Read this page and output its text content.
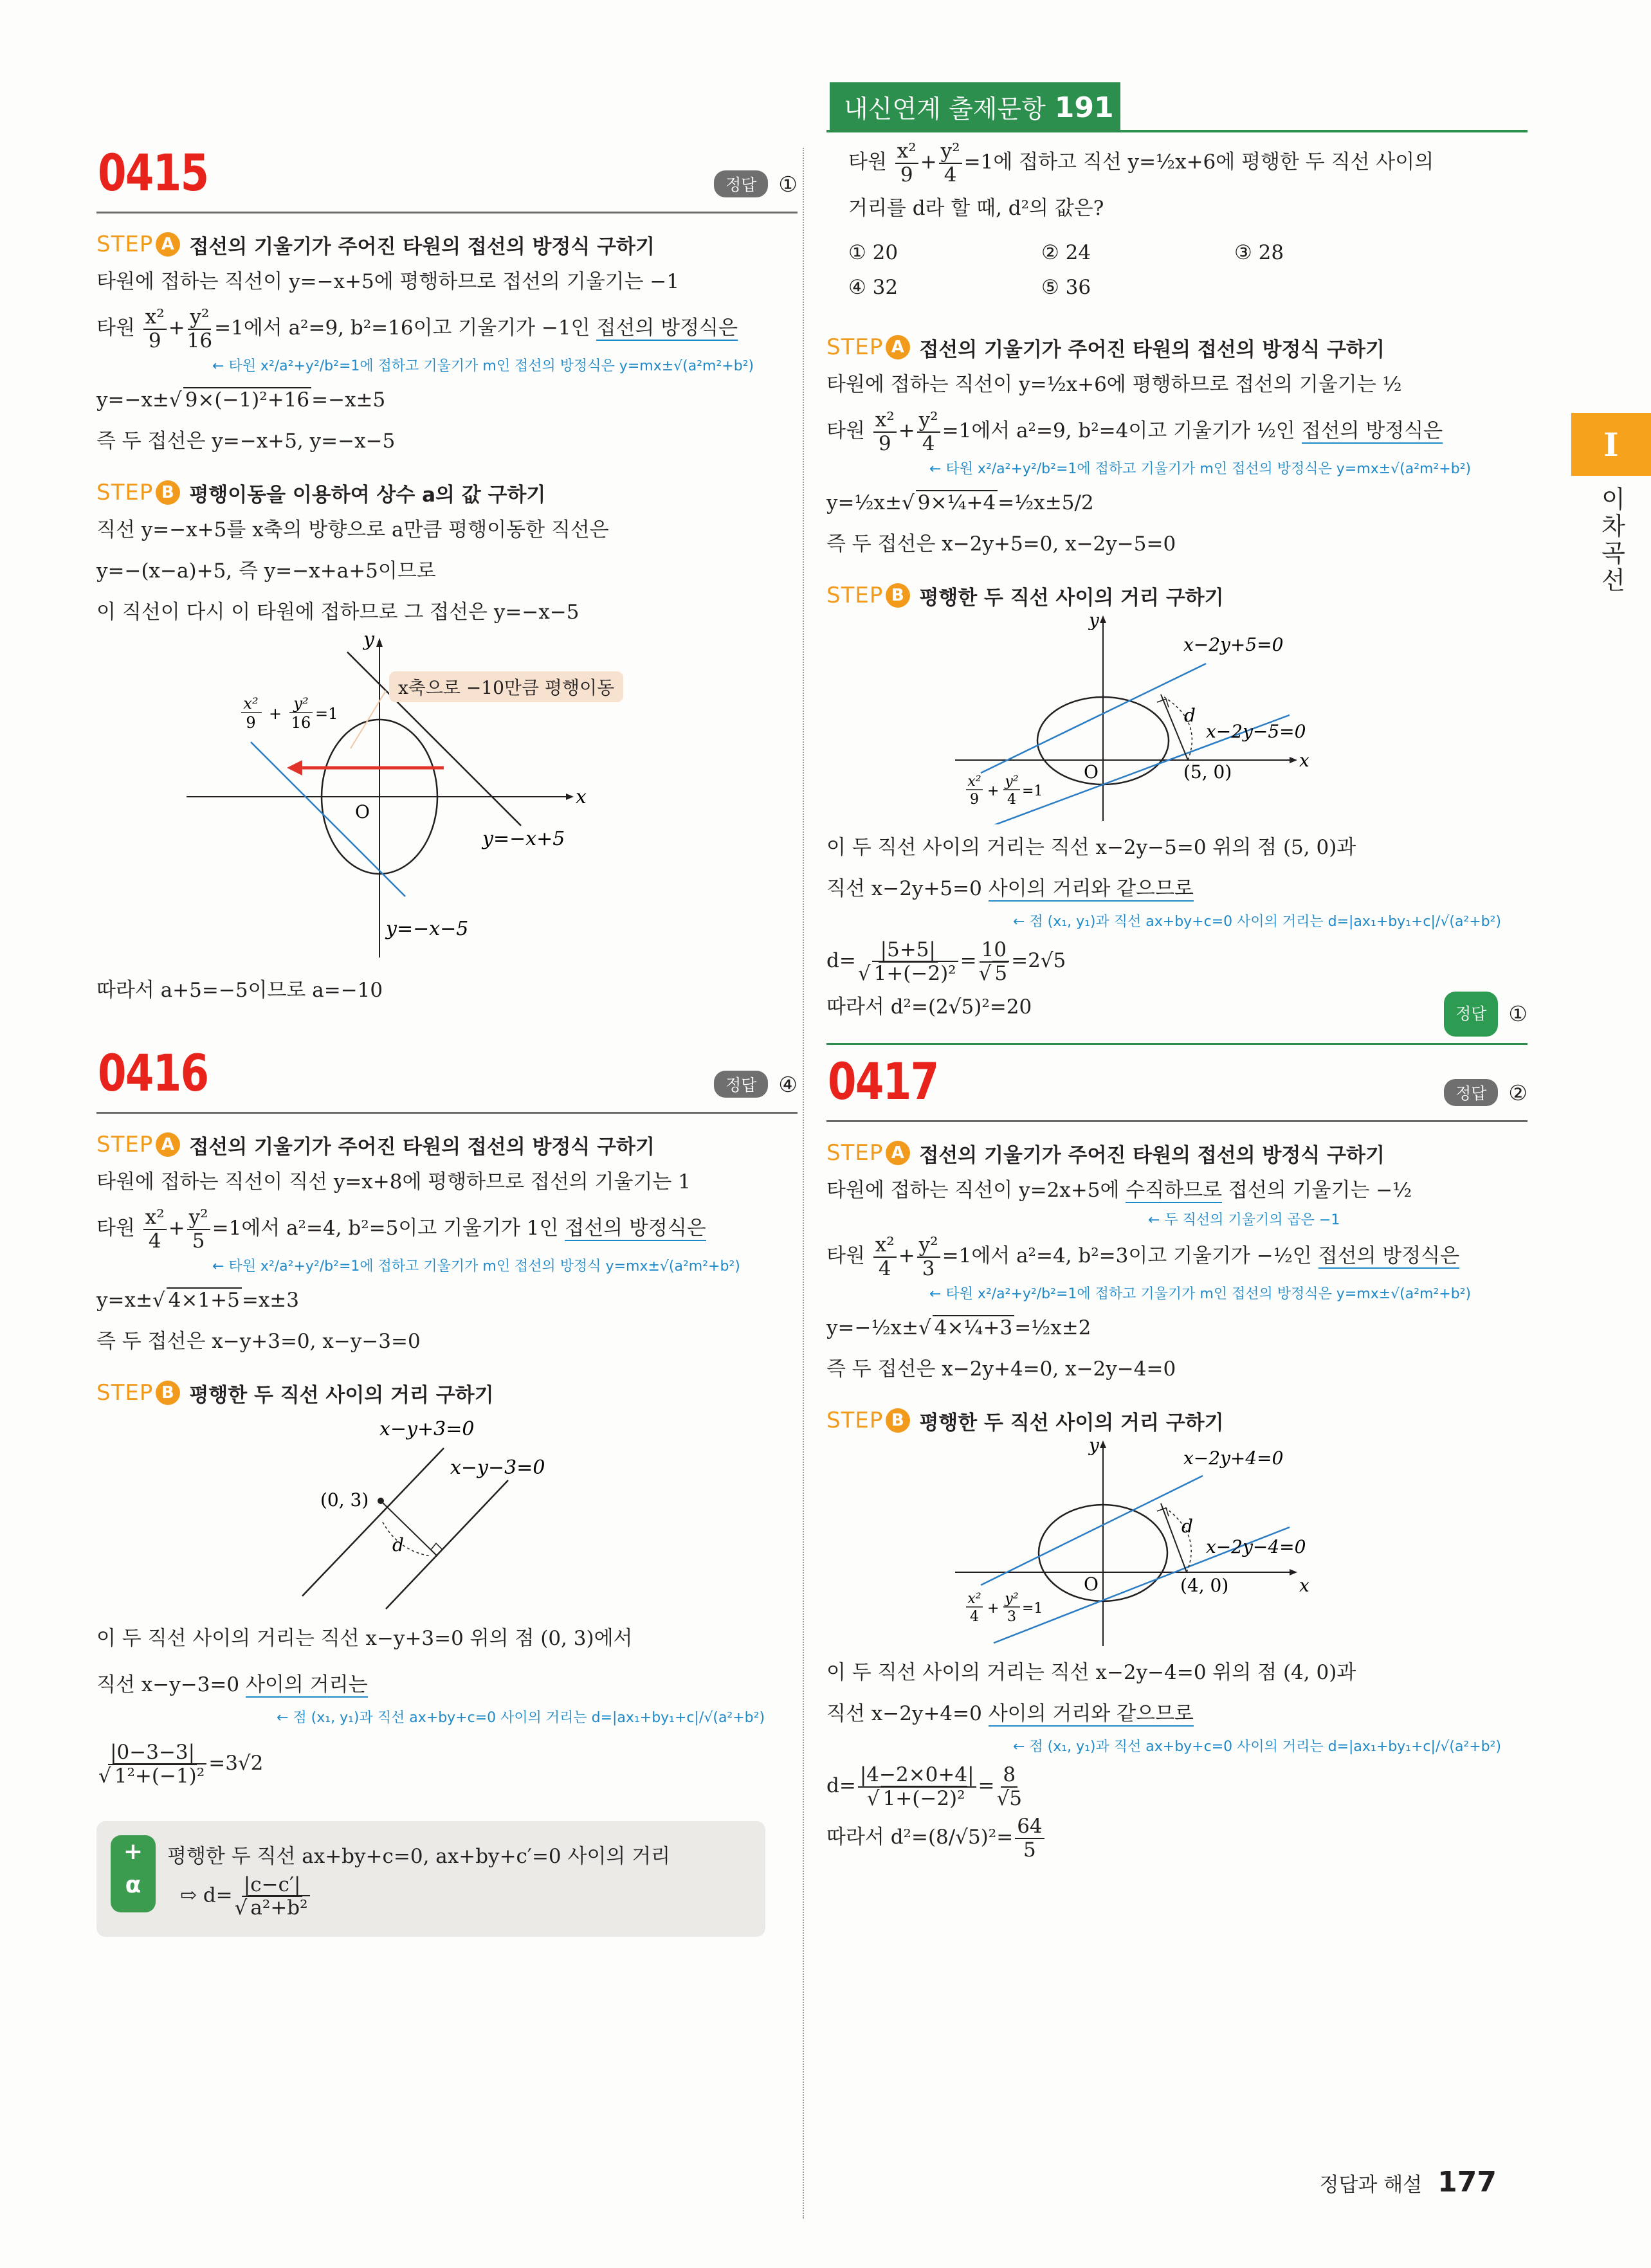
0415	정답	①
STEP A 접선의 기울기가 주어진 타원의 접선의 방정식 구하기
타원에 접하는 직선이 y=−x+5에 평행하므로 접선의 기울기는 −1
타원 $\frac{\text{x²}}{9} + \frac{\text{y²}}{16} =1$에서 a²=9, b²=16이고 기울기가 −1인 접선의 방정식은
← 타원 x²/a²+y²/b²=1에 접하고 기울기가 m인 접선의 방정식은 y=mx±√(a²m²+b²)
y=−x±√ 9×(−1)²+16=−x±5
즉 두 접선은 y=−x+5, y=−x−5
STEP B 평행이동을 이용하여 상수 a의 값 구하기
직선 y=−x+5를 x축의 방향으로 a만큼 평행이동한 직선은
y=−(x−a)+5, 즉 y=−x+a+5이므로
이 직선이 다시 이 타원에 접하므로 그 접선은 y=−x−5
x
y
O
x²
9 +
y²
16 =1
x축으로 −10만큼 평행이동
y=−x+5
y=−x−5
따라서 a+5=−5이므로 a=−10
0416	정답	④
STEP A 접선의 기울기가 주어진 타원의 접선의 방정식 구하기
타원에 접하는 직선이 직선 y=x+8에 평행하므로 접선의 기울기는 1
타원 $\frac{\text{x²}}{4} + \frac{\text{y²}}{5} =1$에서 a²=4, b²=5이고 기울기가 1인 접선의 방정식은
← 타원 x²/a²+y²/b²=1에 접하고 기울기가 m인 접선의 방정식 y=mx±√(a²m²+b²)
y=x±√ 4×1+5=x±3
즉 두 접선은 x−y+3=0, x−y−3=0
STEP B 평행한 두 직선 사이의 거리 구하기
x−y+3=0
x−y−3=0
d
(0, 3)
이 두 직선 사이의 거리는 직선 x−y+3=0 위의 점 (0, 3)에서
직선 x−y−3=0 사이의 거리는
← 점 (x₁, y₁)과 직선 ax+by+c=0 사이의 거리는 d=|ax₁+by₁+c|/√(a²+b²)
$\frac{|0-3-3|}{\text{√ 1²+(−1)²}} =3√2$
+
α
평행한 두 직선 ax+by+c=0, ax+by+c′=0 사이의 거리
⇨ $d= \frac{|c-c'|}{\text{√ a²+b²}}$
내신연계 출제문항 191
타원 $\frac{\text{x²}}{9} + \frac{\text{y²}}{4} =1$에 접하고 직선 y=½x+6에 평행한 두 직선 사이의
거리를 d라 할 때, d²의 값은?
① 20	② 24	③ 28
④ 32	⑤ 36
STEP A 접선의 기울기가 주어진 타원의 접선의 방정식 구하기
타원에 접하는 직선이 y=½x+6에 평행하므로 접선의 기울기는 ½
타원 $\frac{\text{x²}}{9} + \frac{\text{y²}}{4} =1$에서 a²=9, b²=4이고 기울기가 ½인 접선의 방정식은
← 타원 x²/a²+y²/b²=1에 접하고 기울기가 m인 접선의 방정식은 y=mx±√(a²m²+b²)
y=½x±√ 9×¼+4=½x±5/2
즉 두 접선은 x−2y+5=0, x−2y−5=0
STEP B 평행한 두 직선 사이의 거리 구하기
y
x
O
d
(5, 0)
x−2y+5=0
x−2y−5=0
x²
9
+
y²
4
=1
이 두 직선 사이의 거리는 직선 x−2y−5=0 위의 점 (5, 0)과
직선 x−2y+5=0 사이의 거리와 같으므로
← 점 (x₁, y₁)과 직선 ax+by+c=0 사이의 거리는 d=|ax₁+by₁+c|/√(a²+b²)
$d= \frac{|5+5|}{\text{√ 1+(−2)²}} = \frac{10}{√ 5} =2√5$
따라서 d²=(2√5)²=20	정답	①
0417	정답	②
STEP A 접선의 기울기가 주어진 타원의 접선의 방정식 구하기
타원에 접하는 직선이 y=2x+5에 수직하므로 접선의 기울기는 −½
← 두 직선의 기울기의 곱은 −1
타원 $\frac{\text{x²}}{4} + \frac{\text{y²}}{3} =1$에서 a²=4, b²=3이고 기울기가 −½인 접선의 방정식은
← 타원 x²/a²+y²/b²=1에 접하고 기울기가 m인 접선의 방정식은 y=mx±√(a²m²+b²)
y=−½x±√ 4×¼+3=½x±2
즉 두 접선은 x−2y+4=0, x−2y−4=0
STEP B 평행한 두 직선 사이의 거리 구하기
y
x
O
d
(4, 0)
x−2y+4=0
x−2y−4=0
x²
4
+
y²
3
=1
이 두 직선 사이의 거리는 직선 x−2y−4=0 위의 점 (4, 0)과
직선 x−2y+4=0 사이의 거리와 같으므로
← 점 (x₁, y₁)과 직선 ax+by+c=0 사이의 거리는 d=|ax₁+by₁+c|/√(a²+b²)
$d= \frac{|4-2\times 0+4|}{\text{√ 1+(−2)²}} = \frac{8}{√5}$
따라서 $d^2=(8/√5)^2= \frac{64}{5}$
I
이차곡선
정답과 해설 177
